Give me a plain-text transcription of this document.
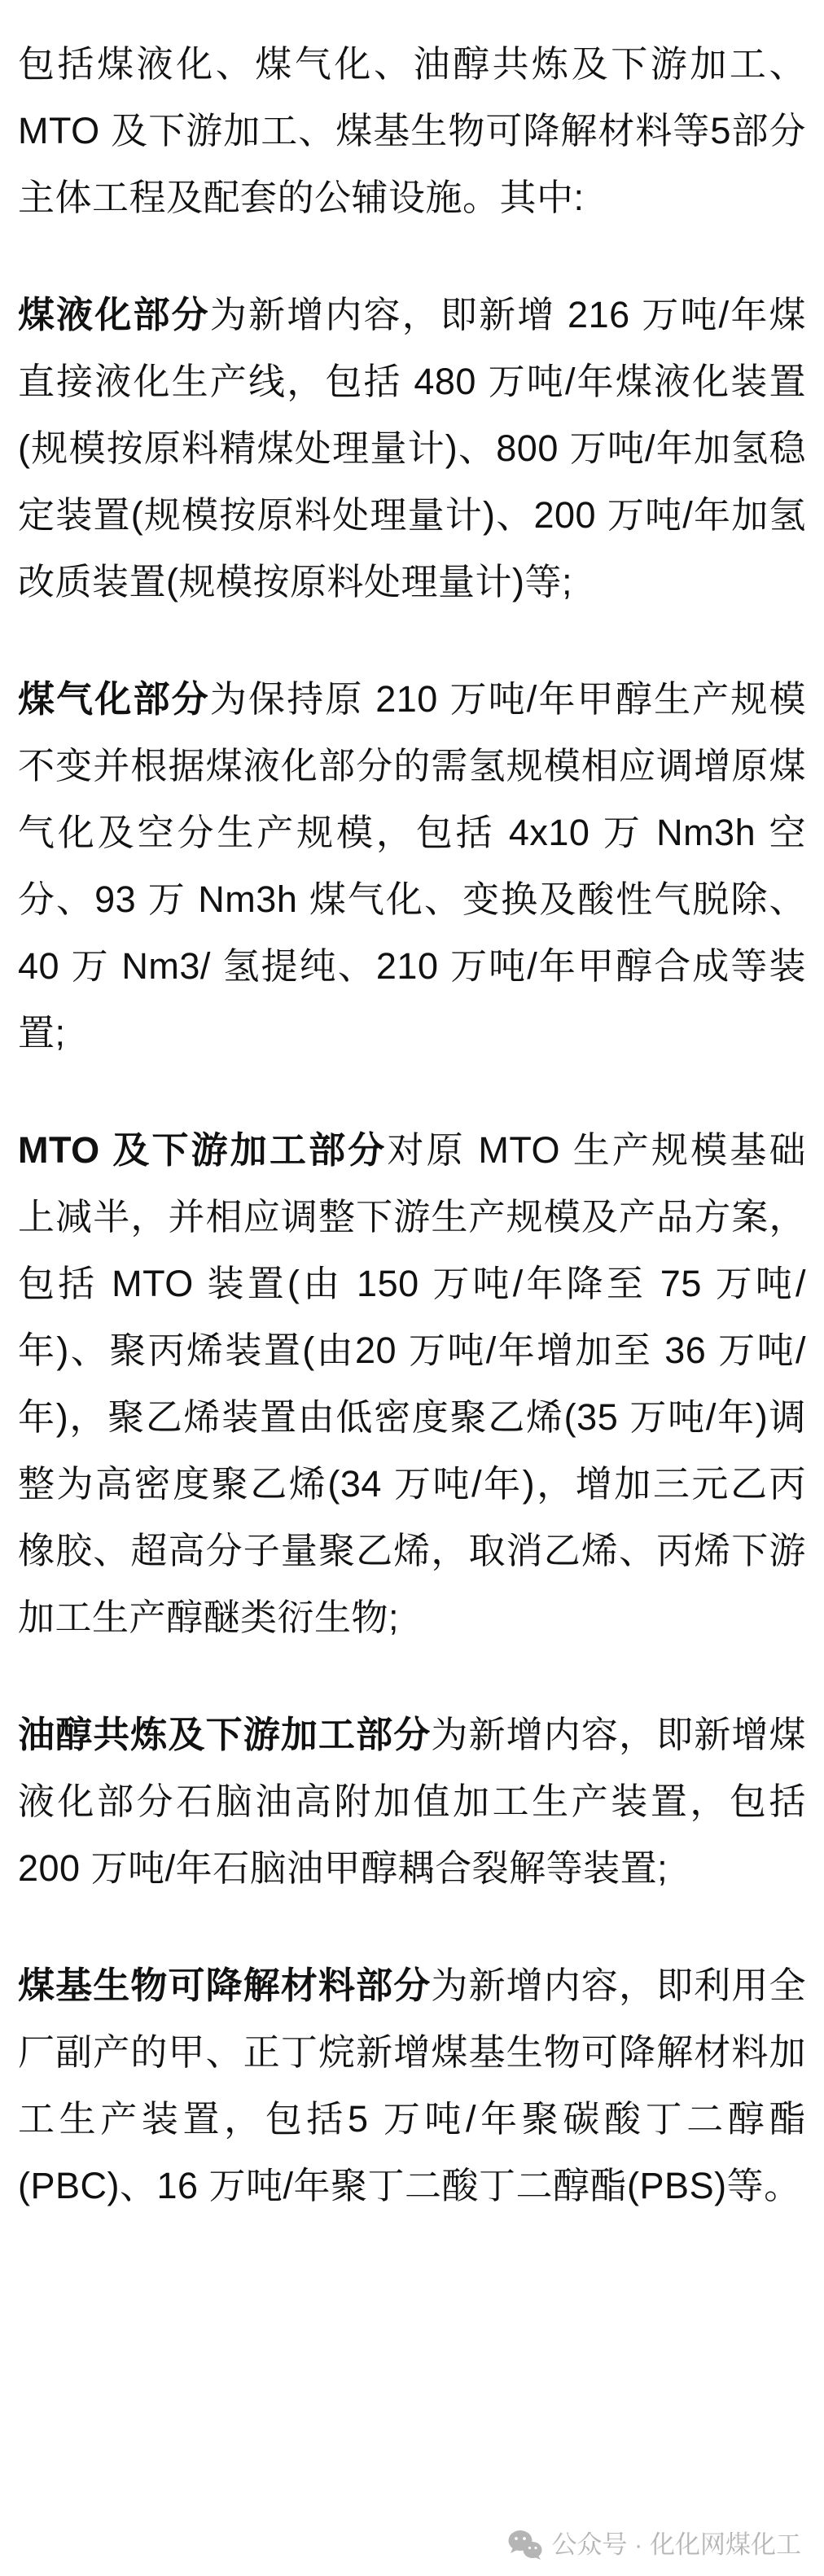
包括煤液化、煤气化、油醇共炼及下游加工、MTO 及下游加工、煤基生物可降解材料等5部分主体工程及配套的公辅设施。其中:

煤液化部分为新增内容，即新增 216 万吨/年煤直接液化生产线，包括 480 万吨/年煤液化装置(规模按原料精煤处理量计)、800 万吨/年加氢稳定装置(规模按原料处理量计)、200 万吨/年加氢改质装置(规模按原料处理量计)等;

煤气化部分为保持原 210 万吨/年甲醇生产规模不变并根据煤液化部分的需氢规模相应调增原煤气化及空分生产规模，包括 4x10 万 Nm3h 空分、93 万 Nm3h 煤气化、变换及酸性气脱除、40 万 Nm3/ 氢提纯、210 万吨/年甲醇合成等装置;

MTO 及下游加工部分对原 MTO 生产规模基础上减半，并相应调整下游生产规模及产品方案，包括 MTO 装置(由 150 万吨/年降至 75 万吨/年)、聚丙烯装置(由20 万吨/年增加至 36 万吨/年)，聚乙烯装置由低密度聚乙烯(35 万吨/年)调整为高密度聚乙烯(34 万吨/年)，增加三元乙丙橡胶、超高分子量聚乙烯，取消乙烯、丙烯下游加工生产醇醚类衍生物;

油醇共炼及下游加工部分为新增内容，即新增煤液化部分石脑油高附加值加工生产装置，包括 200 万吨/年石脑油甲醇耦合裂解等装置;

煤基生物可降解材料部分为新增内容，即利用全厂副产的甲、正丁烷新增煤基生物可降解材料加工生产装置，包括5 万吨/年聚碳酸丁二醇酯(PBC)、16 万吨/年聚丁二酸丁二醇酯(PBS)等。

公众号 · 化化网煤化工
